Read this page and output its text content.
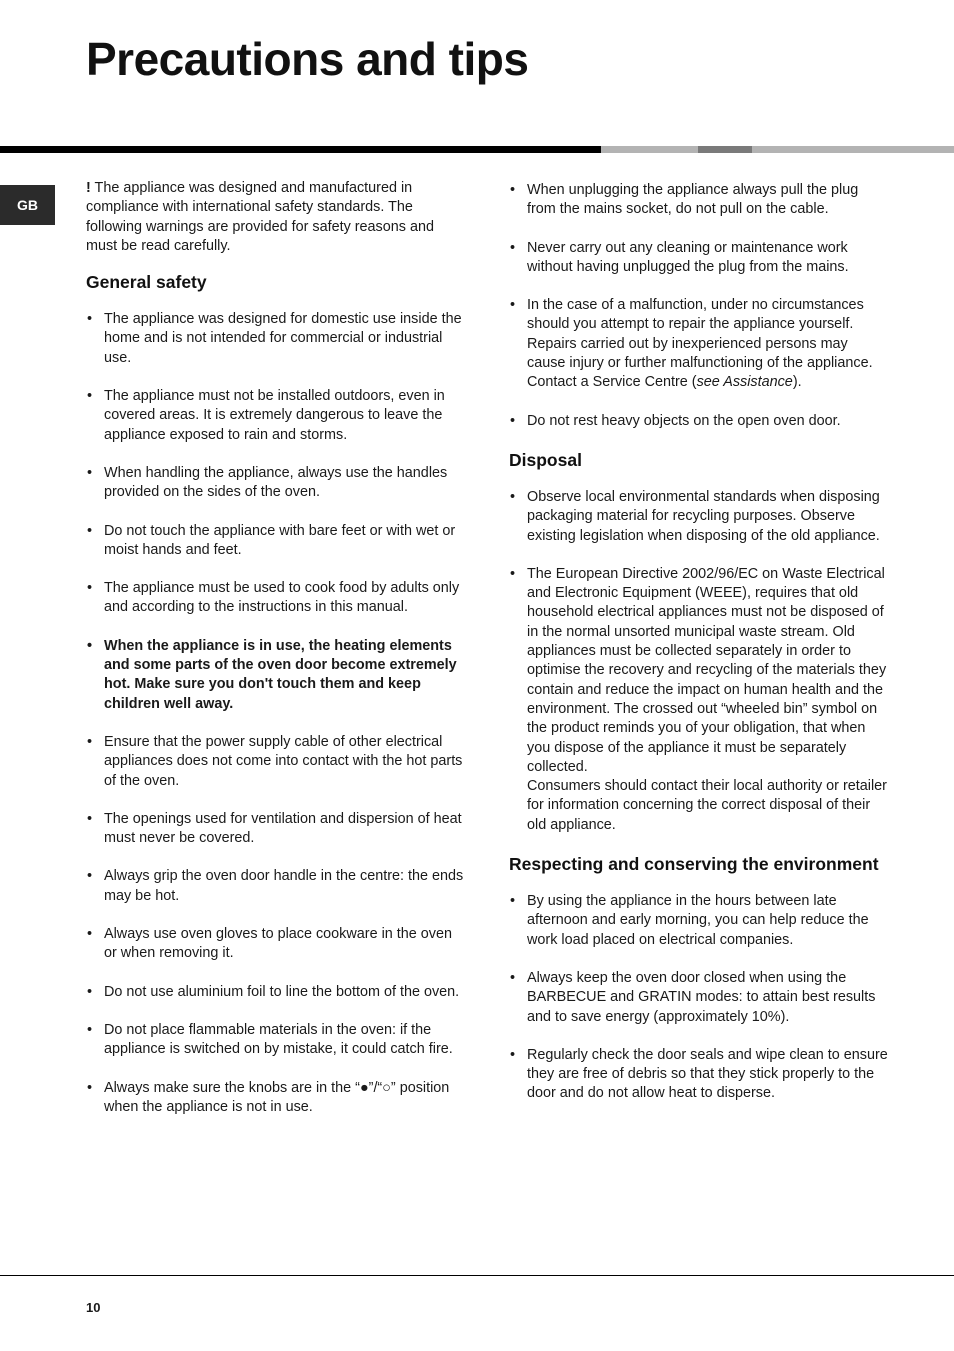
Precautions and tips
GB

! The appliance was designed and manufactured in compliance with international safety standards. The following warnings are provided for safety reasons and must be read carefully.

General safety
• The appliance was designed for domestic use inside the home and is not intended for commercial or industrial use.
• The appliance must not be installed outdoors, even in covered areas. It is extremely dangerous to leave the appliance exposed to rain and storms.
• When handling the appliance, always use the handles provided on the sides of the oven.
• Do not touch the appliance with bare feet or with wet or moist hands and feet.
• The appliance must be used to cook food by adults only and according to the instructions in this manual.
• When the appliance is in use, the heating elements and some parts of the oven door become extremely hot. Make sure you don't touch them and keep children well away.
• Ensure that the power supply cable of other electrical appliances does not come into contact with the hot parts of the oven.
• The openings used for ventilation and dispersion of heat must never be covered.
• Always grip the oven door handle in the centre: the ends may be hot.
• Always use oven gloves to place cookware in the oven or when removing it.
• Do not use aluminium foil to line the bottom of the oven.
• Do not place flammable materials in the oven: if the appliance is switched on by mistake, it could catch fire.
• Always make sure the knobs are in the “●”/“○” position when the appliance is not in use.
• When unplugging the appliance always pull the plug from the mains socket, do not pull on the cable.
• Never carry out any cleaning or maintenance work without having unplugged the plug from the mains.
• In the case of a malfunction, under no circumstances should you attempt to repair the appliance yourself. Repairs carried out by inexperienced persons may cause injury or further malfunctioning of the appliance. Contact a Service Centre (see Assistance).
• Do not rest heavy objects on the open oven door.
Disposal
• Observe local environmental standards when disposing packaging material for recycling purposes. Observe existing legislation when disposing of the old appliance.
• The European Directive 2002/96/EC on Waste Electrical and Electronic Equipment (WEEE), requires that old household electrical appliances must not be disposed of in the normal unsorted municipal waste stream. Old appliances must be collected separately in order to optimise the recovery and recycling of the materials they contain and reduce the impact on human health and the environment. The crossed out “wheeled bin” symbol on the product reminds you of your obligation, that when you dispose of the appliance it must be separately collected.
Consumers should contact their local authority or retailer for information concerning the correct disposal of their old appliance.
Respecting and conserving the environment
• By using the appliance in the hours between late afternoon and early morning, you can help reduce the work load placed on electrical companies.
• Always keep the oven door closed when using the BARBECUE and GRATIN modes: to attain best results and to save energy (approximately 10%).
• Regularly check the door seals and wipe clean to ensure they are free of debris so that they stick properly to the door and do not allow heat to disperse.
10
